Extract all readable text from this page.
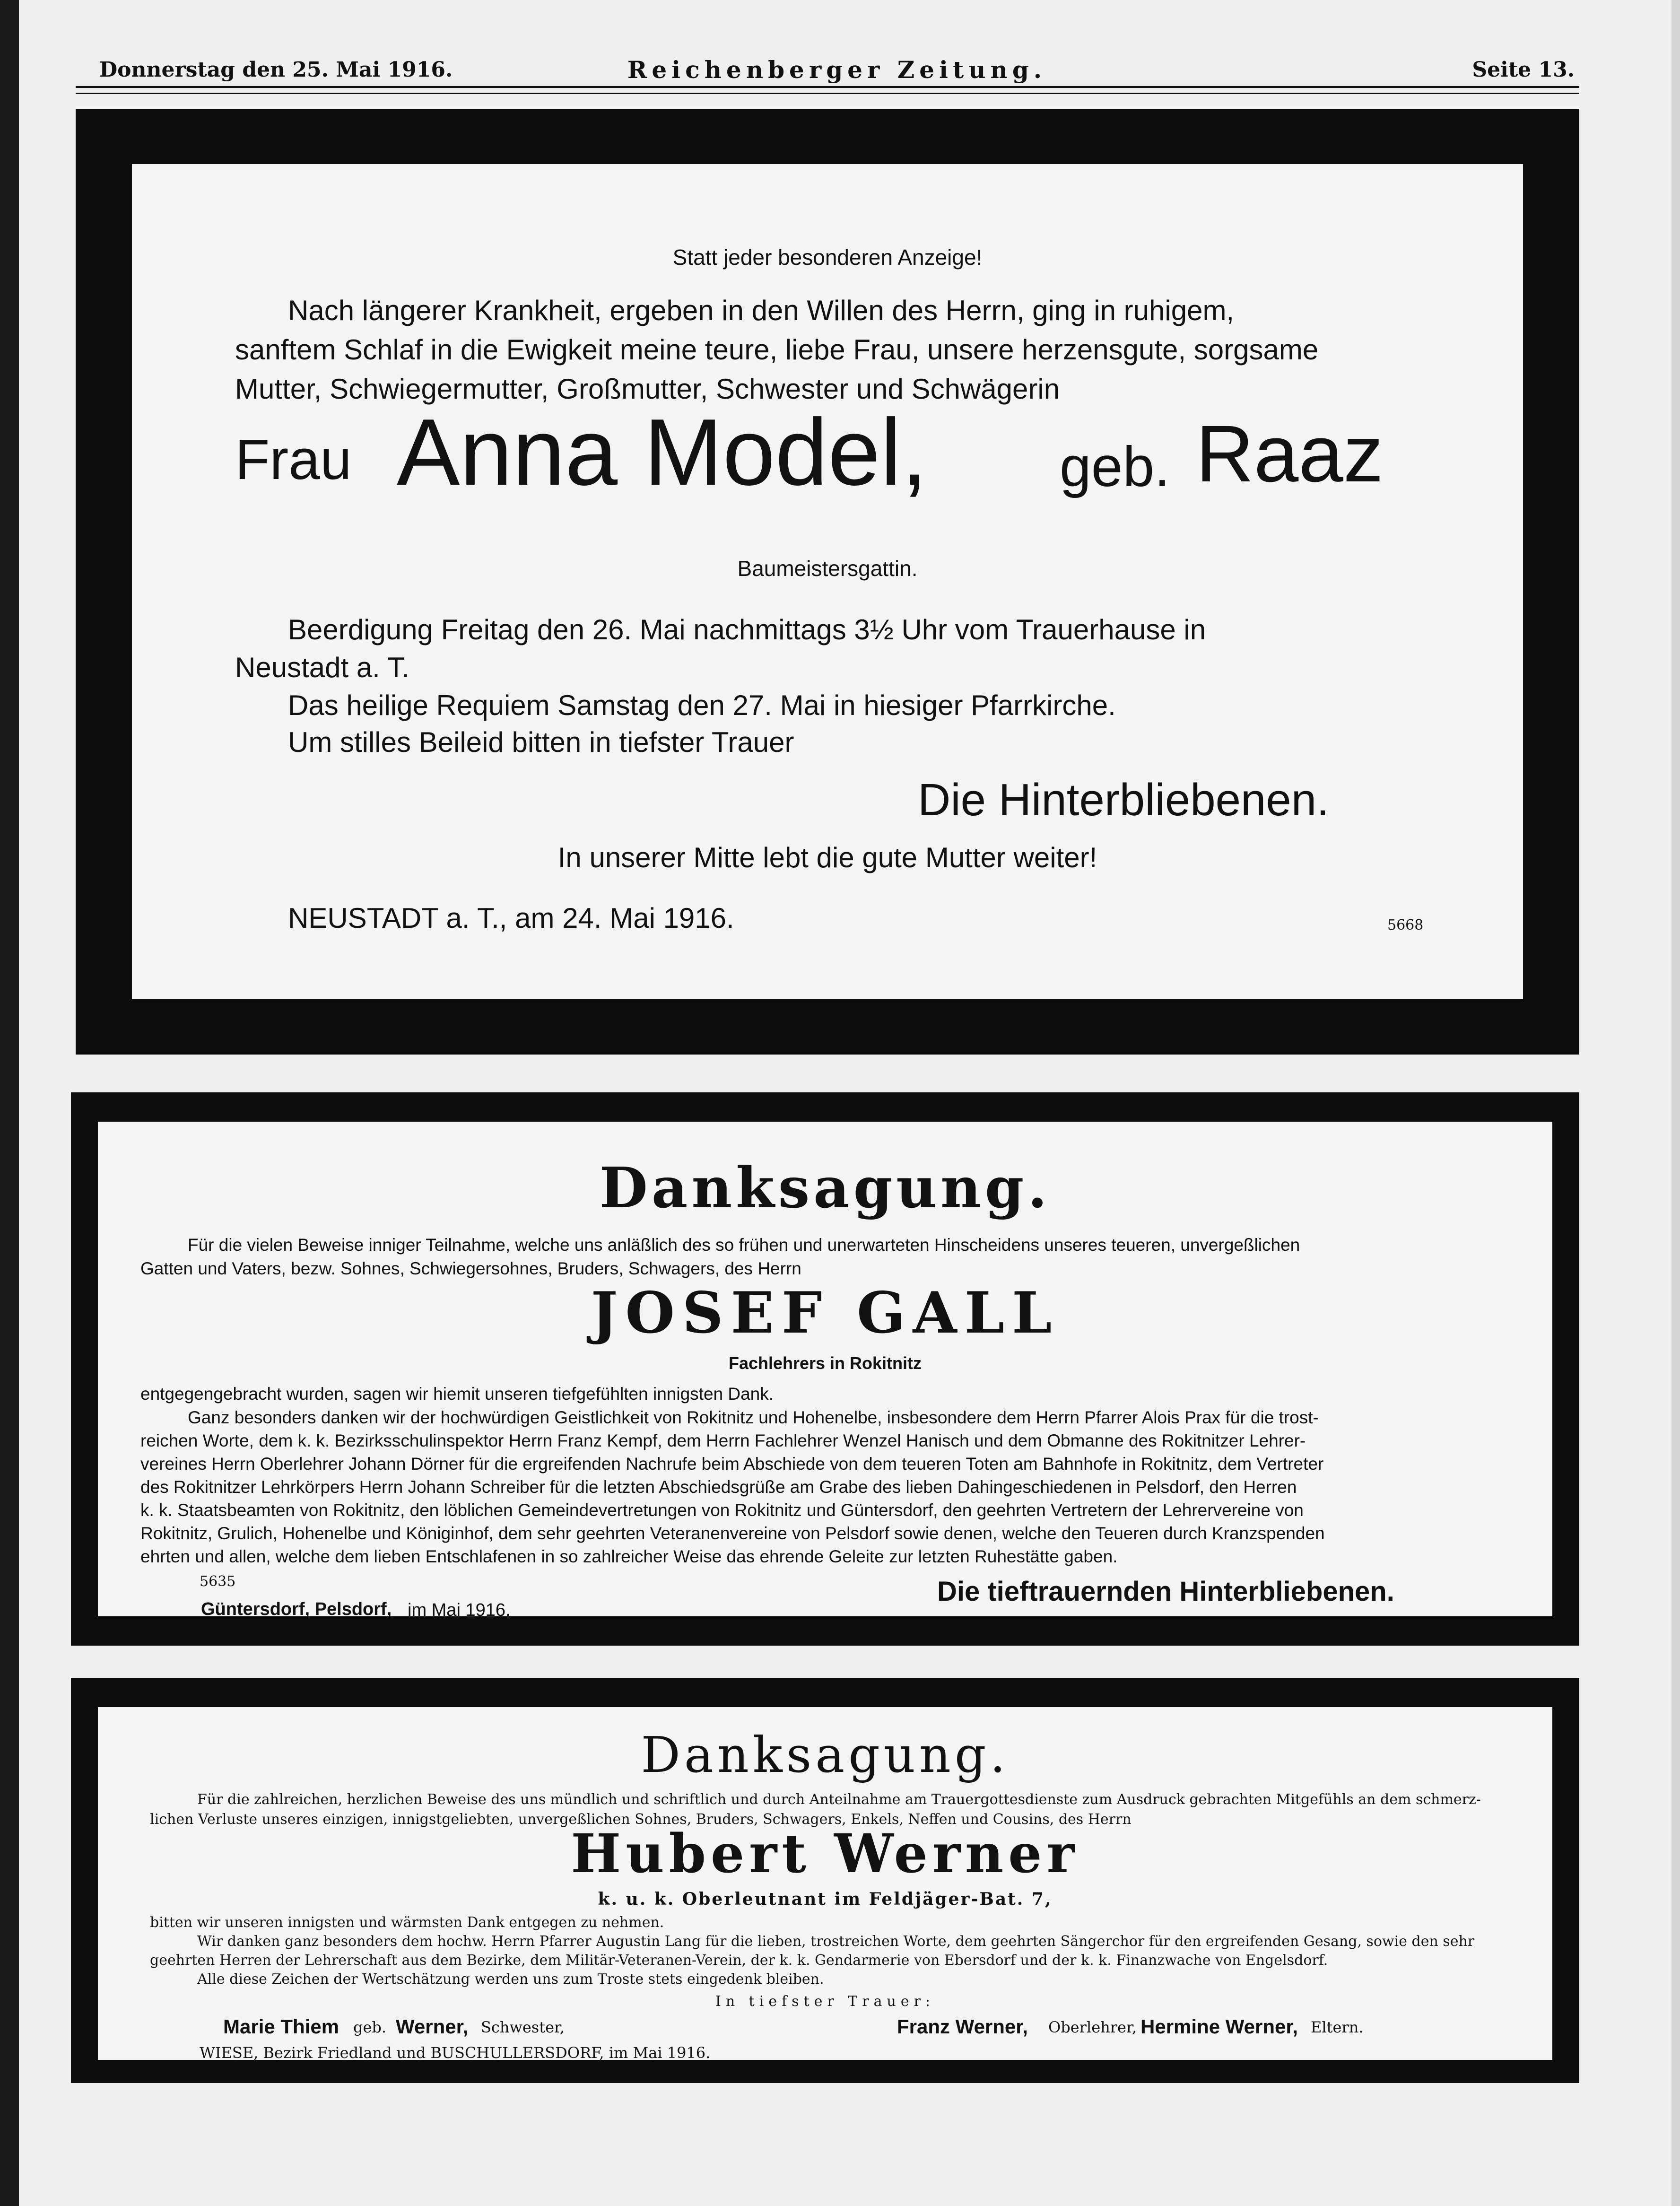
Donnerstag den 25. Mai 1916.	Reichenberger Zeitung.	Seite 13.
Statt jeder besonderen Anzeige!
Nach längerer Krankheit, ergeben in den Willen des Herrn, ging in ruhigem,
sanftem Schlaf in die Ewigkeit meine teure, liebe Frau, unsere herzensgute, sorgsame
Mutter, Schwiegermutter, Großmutter, Schwester und Schwägerin
Frau Anna Model, geb. Raaz
Baumeistersgattin.
Beerdigung Freitag den 26. Mai nachmittags 3½ Uhr vom Trauerhause in
Neustadt a. T.
Das heilige Requiem Samstag den 27. Mai in hiesiger Pfarrkirche.
Um stilles Beileid bitten in tiefster Trauer
Die Hinterbliebenen.
In unserer Mitte lebt die gute Mutter weiter!
NEUSTADT a. T., am 24. Mai 1916.	5668
Danksagung.
Für die vielen Beweise inniger Teilnahme, welche uns anläßlich des so frühen und unerwarteten Hinscheidens unseres teueren, unvergeßlichen
Gatten und Vaters, bezw. Sohnes, Schwiegersohnes, Bruders, Schwagers, des Herrn
JOSEF GALL
Fachlehrers in Rokitnitz
entgegengebracht wurden, sagen wir hiemit unseren tiefgefühlten innigsten Dank.
Ganz besonders danken wir der hochwürdigen Geistlichkeit von Rokitnitz und Hohenelbe, insbesondere dem Herrn Pfarrer Alois Prax für die trost-
reichen Worte, dem k. k. Bezirksschulinspektor Herrn Franz Kempf, dem Herrn Fachlehrer Wenzel Hanisch und dem Obmanne des Rokitnitzer Lehrer-
vereines Herrn Oberlehrer Johann Dörner für die ergreifenden Nachrufe beim Abschiede von dem teueren Toten am Bahnhofe in Rokitnitz, dem Vertreter
des Rokitnitzer Lehrkörpers Herrn Johann Schreiber für die letzten Abschiedsgrüße am Grabe des lieben Dahingeschiedenen in Pelsdorf, den Herren
k. k. Staatsbeamten von Rokitnitz, den löblichen Gemeindevertretungen von Rokitnitz und Güntersdorf, den geehrten Vertretern der Lehrervereine von
Rokitnitz, Grulich, Hohenelbe und Königinhof, dem sehr geehrten Veteranenvereine von Pelsdorf sowie denen, welche den Teueren durch Kranzspenden
ehrten und allen, welche dem lieben Entschlafenen in so zahlreicher Weise das ehrende Geleite zur letzten Ruhestätte gaben.
5635
Güntersdorf, Pelsdorf, im Mai 1916.
Die tieftrauernden Hinterbliebenen.
Danksagung.
Für die zahlreichen, herzlichen Beweise des uns mündlich und schriftlich und durch Anteilnahme am Trauergottesdienste zum Ausdruck gebrachten Mitgefühls an dem schmerz-
lichen Verluste unseres einzigen, innigstgeliebten, unvergeßlichen Sohnes, Bruders, Schwagers, Enkels, Neffen und Cousins, des Herrn
Hubert Werner
k. u. k. Oberleutnant im Feldjäger-Bat. 7,
bitten wir unseren innigsten und wärmsten Dank entgegen zu nehmen.
Wir danken ganz besonders dem hochw. Herrn Pfarrer Augustin Lang für die lieben, trostreichen Worte, dem geehrten Sängerchor für den ergreifenden Gesang, sowie den sehr
geehrten Herren der Lehrerschaft aus dem Bezirke, dem Militär-Veteranen-Verein, der k. k. Gendarmerie von Ebersdorf und der k. k. Finanzwache von Engelsdorf.
Alle diese Zeichen der Wertschätzung werden uns zum Troste stets eingedenk bleiben.
In tiefster Trauer:
Marie Thiem geb. Werner, Schwester,	Franz Werner, Oberlehrer, Hermine Werner, Eltern.
WIESE, Bezirk Friedland und BUSCHULLERSDORF, im Mai 1916.
